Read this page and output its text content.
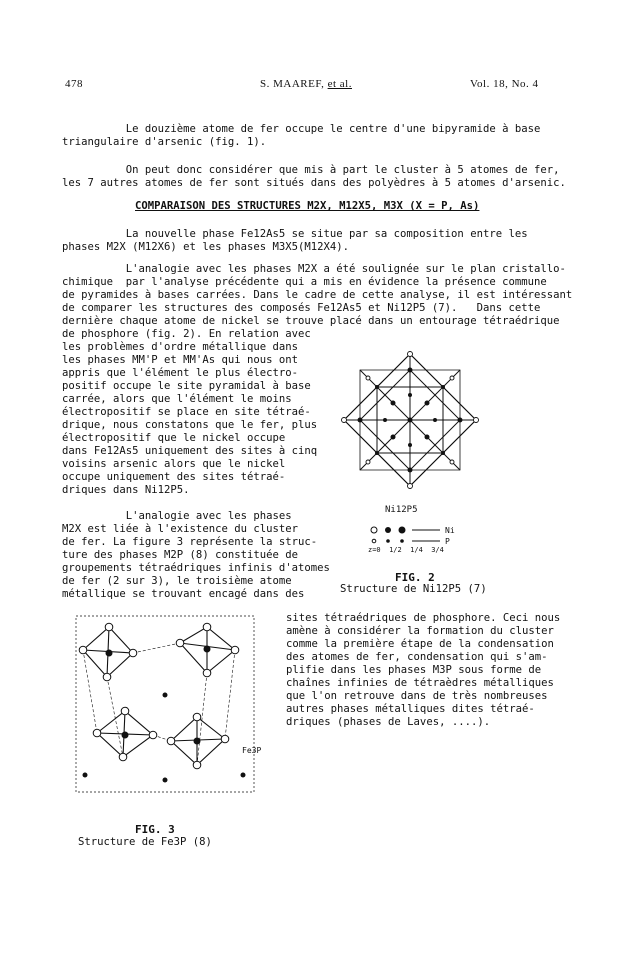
478	S. MAAREF, et al.	Vol. 18, No. 4
Le douzième atome de fer occupe le centre d'une bipyramide à base
triangulaire d'arsenic (fig. 1).
On peut donc considérer que mis à part le cluster à 5 atomes de fer,
les 7 autres atomes de fer sont situés dans des polyèdres à 5 atomes d'arsenic.
COMPARAISON DES STRUCTURES M2X, M12X5, M3X (X = P, As)
La nouvelle phase Fe12As5 se situe par sa composition entre les
phases M2X (M12X6) et les phases M3X5(M12X4).
L'analogie avec les phases M2X a été soulignée sur le plan cristallo-
chimique  par l'analyse précédente qui a mis en évidence la présence commune
de pyramides à bases carrées. Dans le cadre de cette analyse, il est intéressant
de comparer les structures des composés Fe12As5 et Ni12P5 (7).   Dans cette
dernière chaque atome de nickel se trouve placé dans un entourage tétraédrique
de phosphore (fig. 2). En relation avec
les problèmes d'ordre métallique dans
les phases MM'P et MM'As qui nous ont
appris que l'élément le plus électro-
positif occupe le site pyramidal à base
carrée, alors que l'élément le moins
électropositif se place en site tétraé-
drique, nous constatons que le fer, plus
électropositif que le nickel occupe
dans Fe12As5 uniquement des sites à cinq
voisins arsenic alors que le nickel
occupe uniquement des sites tétraé-
driques dans Ni12P5.
L'analogie avec les phases
M2X est liée à l'existence du cluster
de fer. La figure 3 représente la struc-
ture des phases M2P (8) constituée de
groupements tétraédriques infinis d'atomes
de fer (2 sur 3), le troisième atome
métallique se trouvant encagé dans des
Ni12P5
Ni
P
z=0  1/2  1/4  3/4
FIG. 2
Structure de Ni12P5 (7)
Fe3P
FIG. 3
Structure de Fe3P (8)
sites tétraédriques de phosphore. Ceci nous
amène à considérer la formation du cluster
comme la première étape de la condensation
des atomes de fer, condensation qui s'am-
plifie dans les phases M3P sous forme de
chaînes infinies de tétraèdres métalliques
que l'on retrouve dans de très nombreuses
autres phases métalliques dites tétraé-
driques (phases de Laves, ....).
